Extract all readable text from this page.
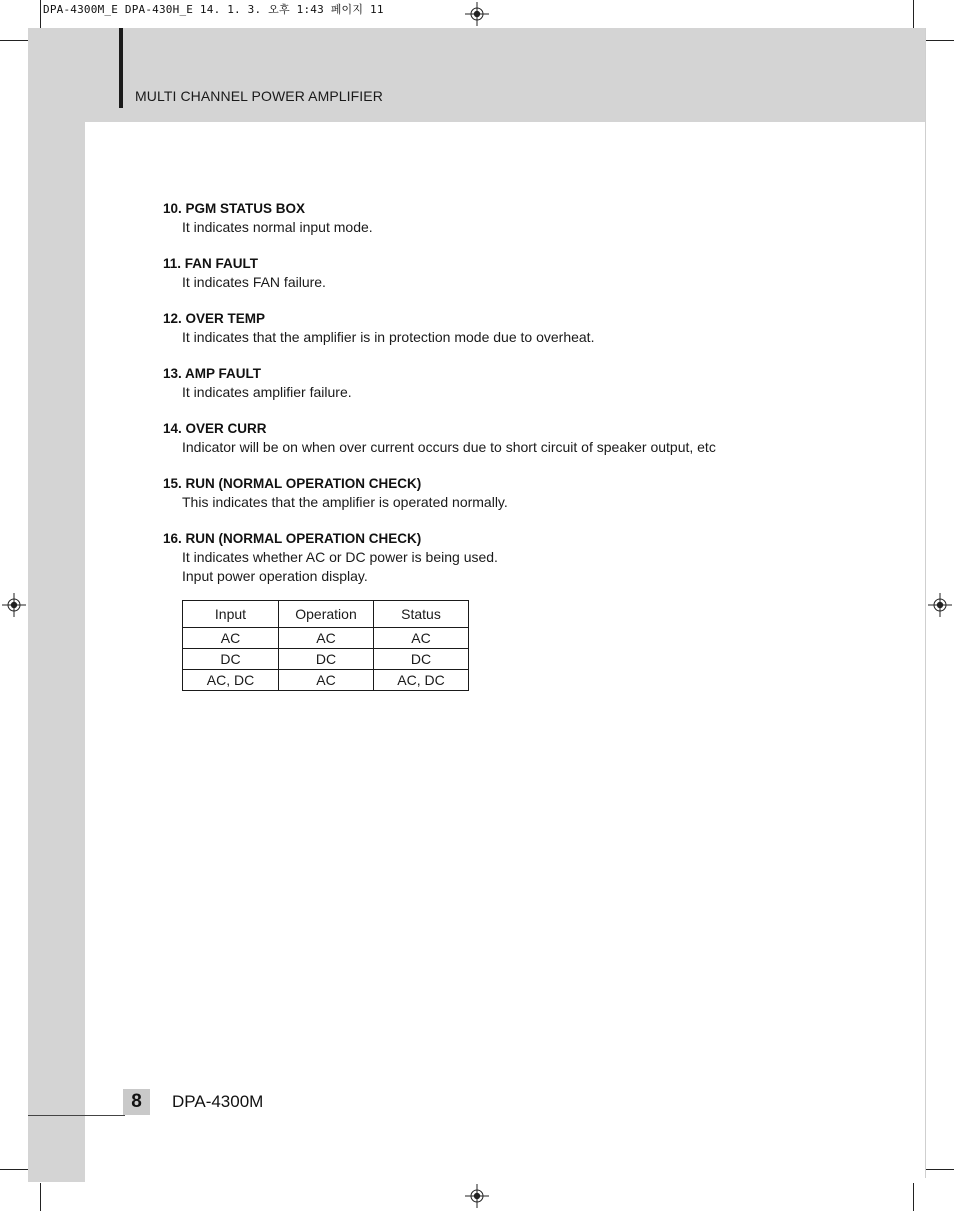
DPA-4300M_E DPA-430H_E 14. 1. 3. 오후 1:43 페이지 11
MULTI CHANNEL POWER AMPLIFIER
10. PGM STATUS BOX
It indicates normal input mode.
11. FAN FAULT
It indicates FAN failure.
12. OVER TEMP
It indicates that the amplifier is in protection mode due to overheat.
13. AMP FAULT
It indicates amplifier failure.
14. OVER CURR
Indicator will be on when over current occurs due to short circuit of speaker output, etc
15. RUN (NORMAL OPERATION CHECK)
This indicates that the amplifier is operated normally.
16. RUN (NORMAL OPERATION CHECK)
It indicates whether AC or DC power is being used.
Input power operation display.
Input	Operation	Status
AC	AC	AC
DC	DC	DC
AC, DC	AC	AC, DC
8	DPA-4300M
